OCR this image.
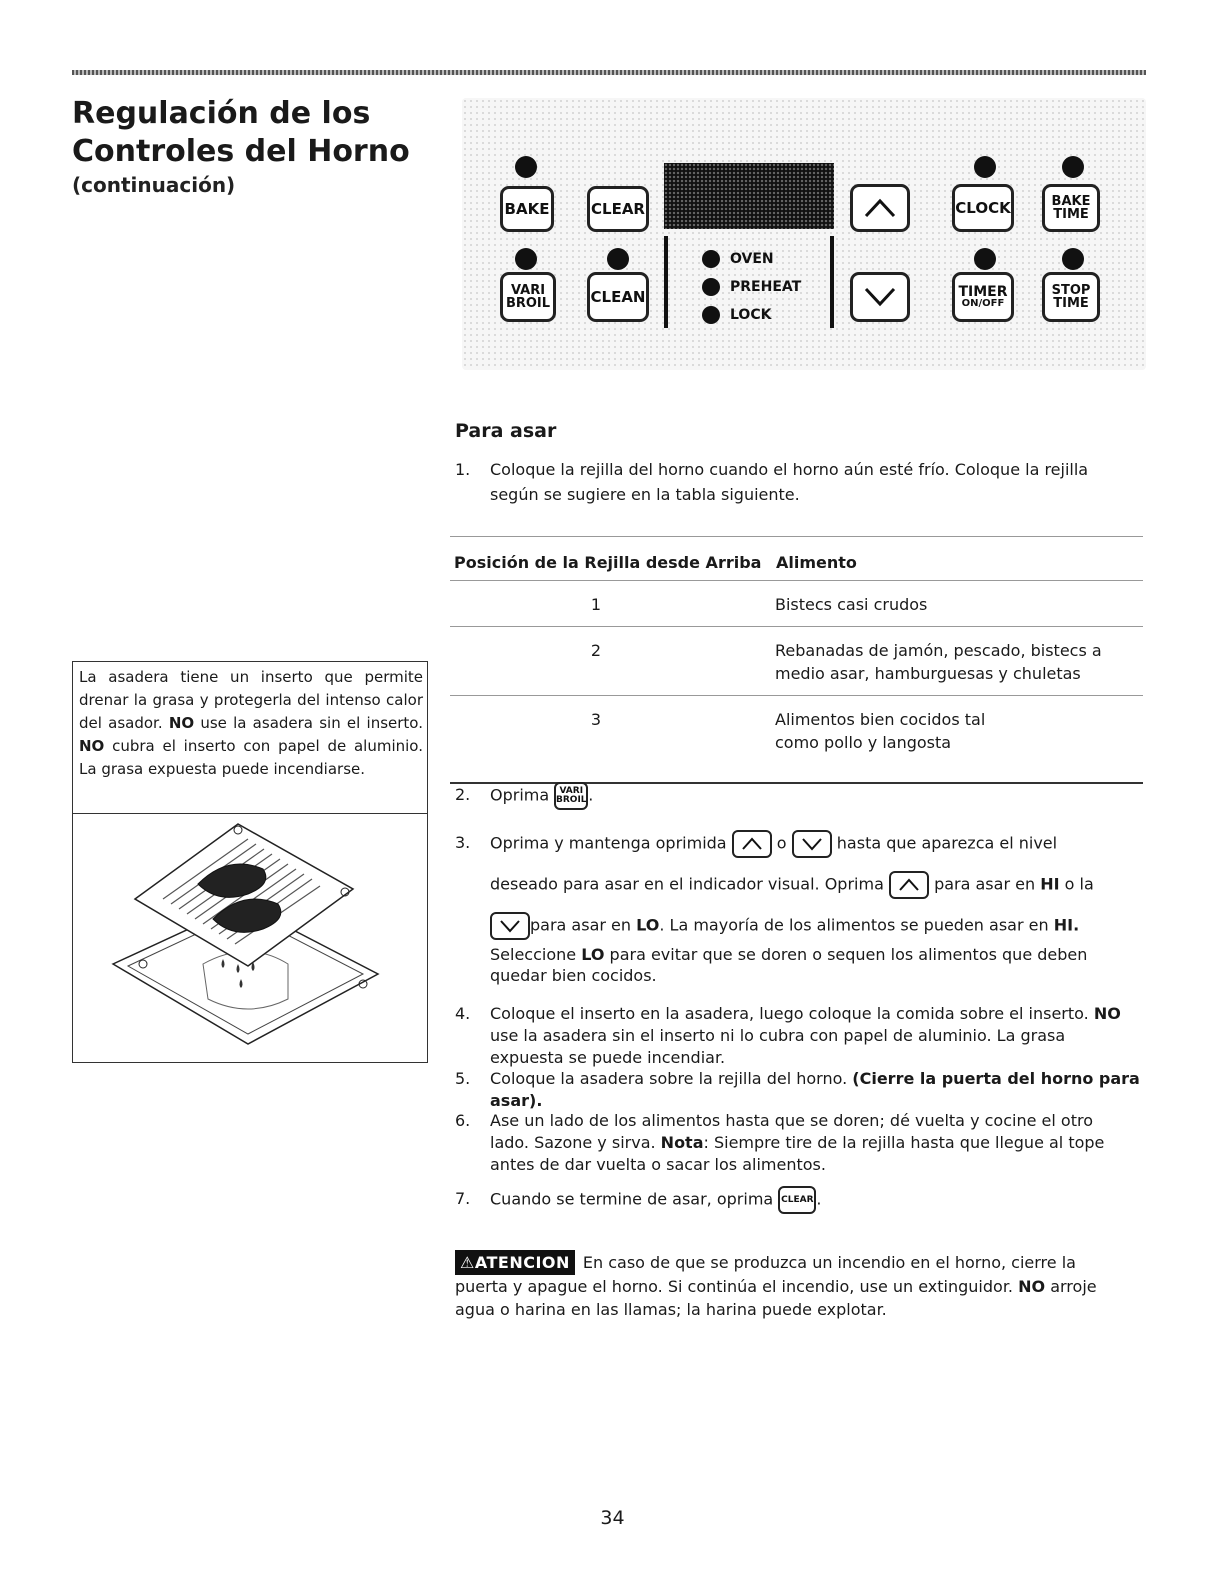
Regulación de los
Controles del Horno
(continuación)
BAKE	CLEAR	CLOCK	BAKE
TIME
VARI
BROIL	CLEAN
OVEN
PREHEAT
LOCK
TIMER
ON/OFF
STOP
TIME
Para asar
1. Coloque la rejilla del horno cuando el horno aún esté frío. Coloque la rejilla según se sugiere en la tabla siguiente.
Posición de la Rejilla desde Arriba	Alimento
1	Bistecs casi crudos
2	Rebanadas de jamón, pescado, bistecs a medio asar, hamburguesas y chuletas
3	Alimentos bien cocidos tal como pollo y langosta
2. Oprima VARI
BROIL .
3. Oprima y mantenga oprimida	o	hasta que aparezca el nivel
deseado para asar en el indicador visual. Oprima	para asar en HI o la
para asar en LO. La mayoría de los alimentos se pueden asar en HI.
Seleccione LO para evitar que se doren o sequen los alimentos que deben quedar bien cocidos.
4. Coloque el inserto en la asadera, luego coloque la comida sobre el inserto. NO use la asadera sin el inserto ni lo cubra con papel de aluminio. La grasa expuesta se puede incendiar.
5. Coloque la asadera sobre la rejilla del horno. (Cierre la puerta del horno para asar).
6. Ase un lado de los alimentos hasta que se doren; dé vuelta y cocine el otro lado. Sazone y sirva. Nota: Siempre tire de la rejilla hasta que llegue al tope antes de dar vuelta o sacar los alimentos.
7. Cuando se termine de asar, oprima CLEAR .

La asadera tiene un inserto que permite drenar la grasa y protegerla del intenso calor del asador. NO use la asadera sin el inserto. NO cubra el inserto con papel de aluminio. La grasa expuesta puede incendiarse.

⚠ATENCION En caso de que se produzca un incendio en el horno, cierre la puerta y apague el horno. Si continúa el incendio, use un extinguidor. NO arroje agua o harina en las llamas; la harina puede explotar.
34
